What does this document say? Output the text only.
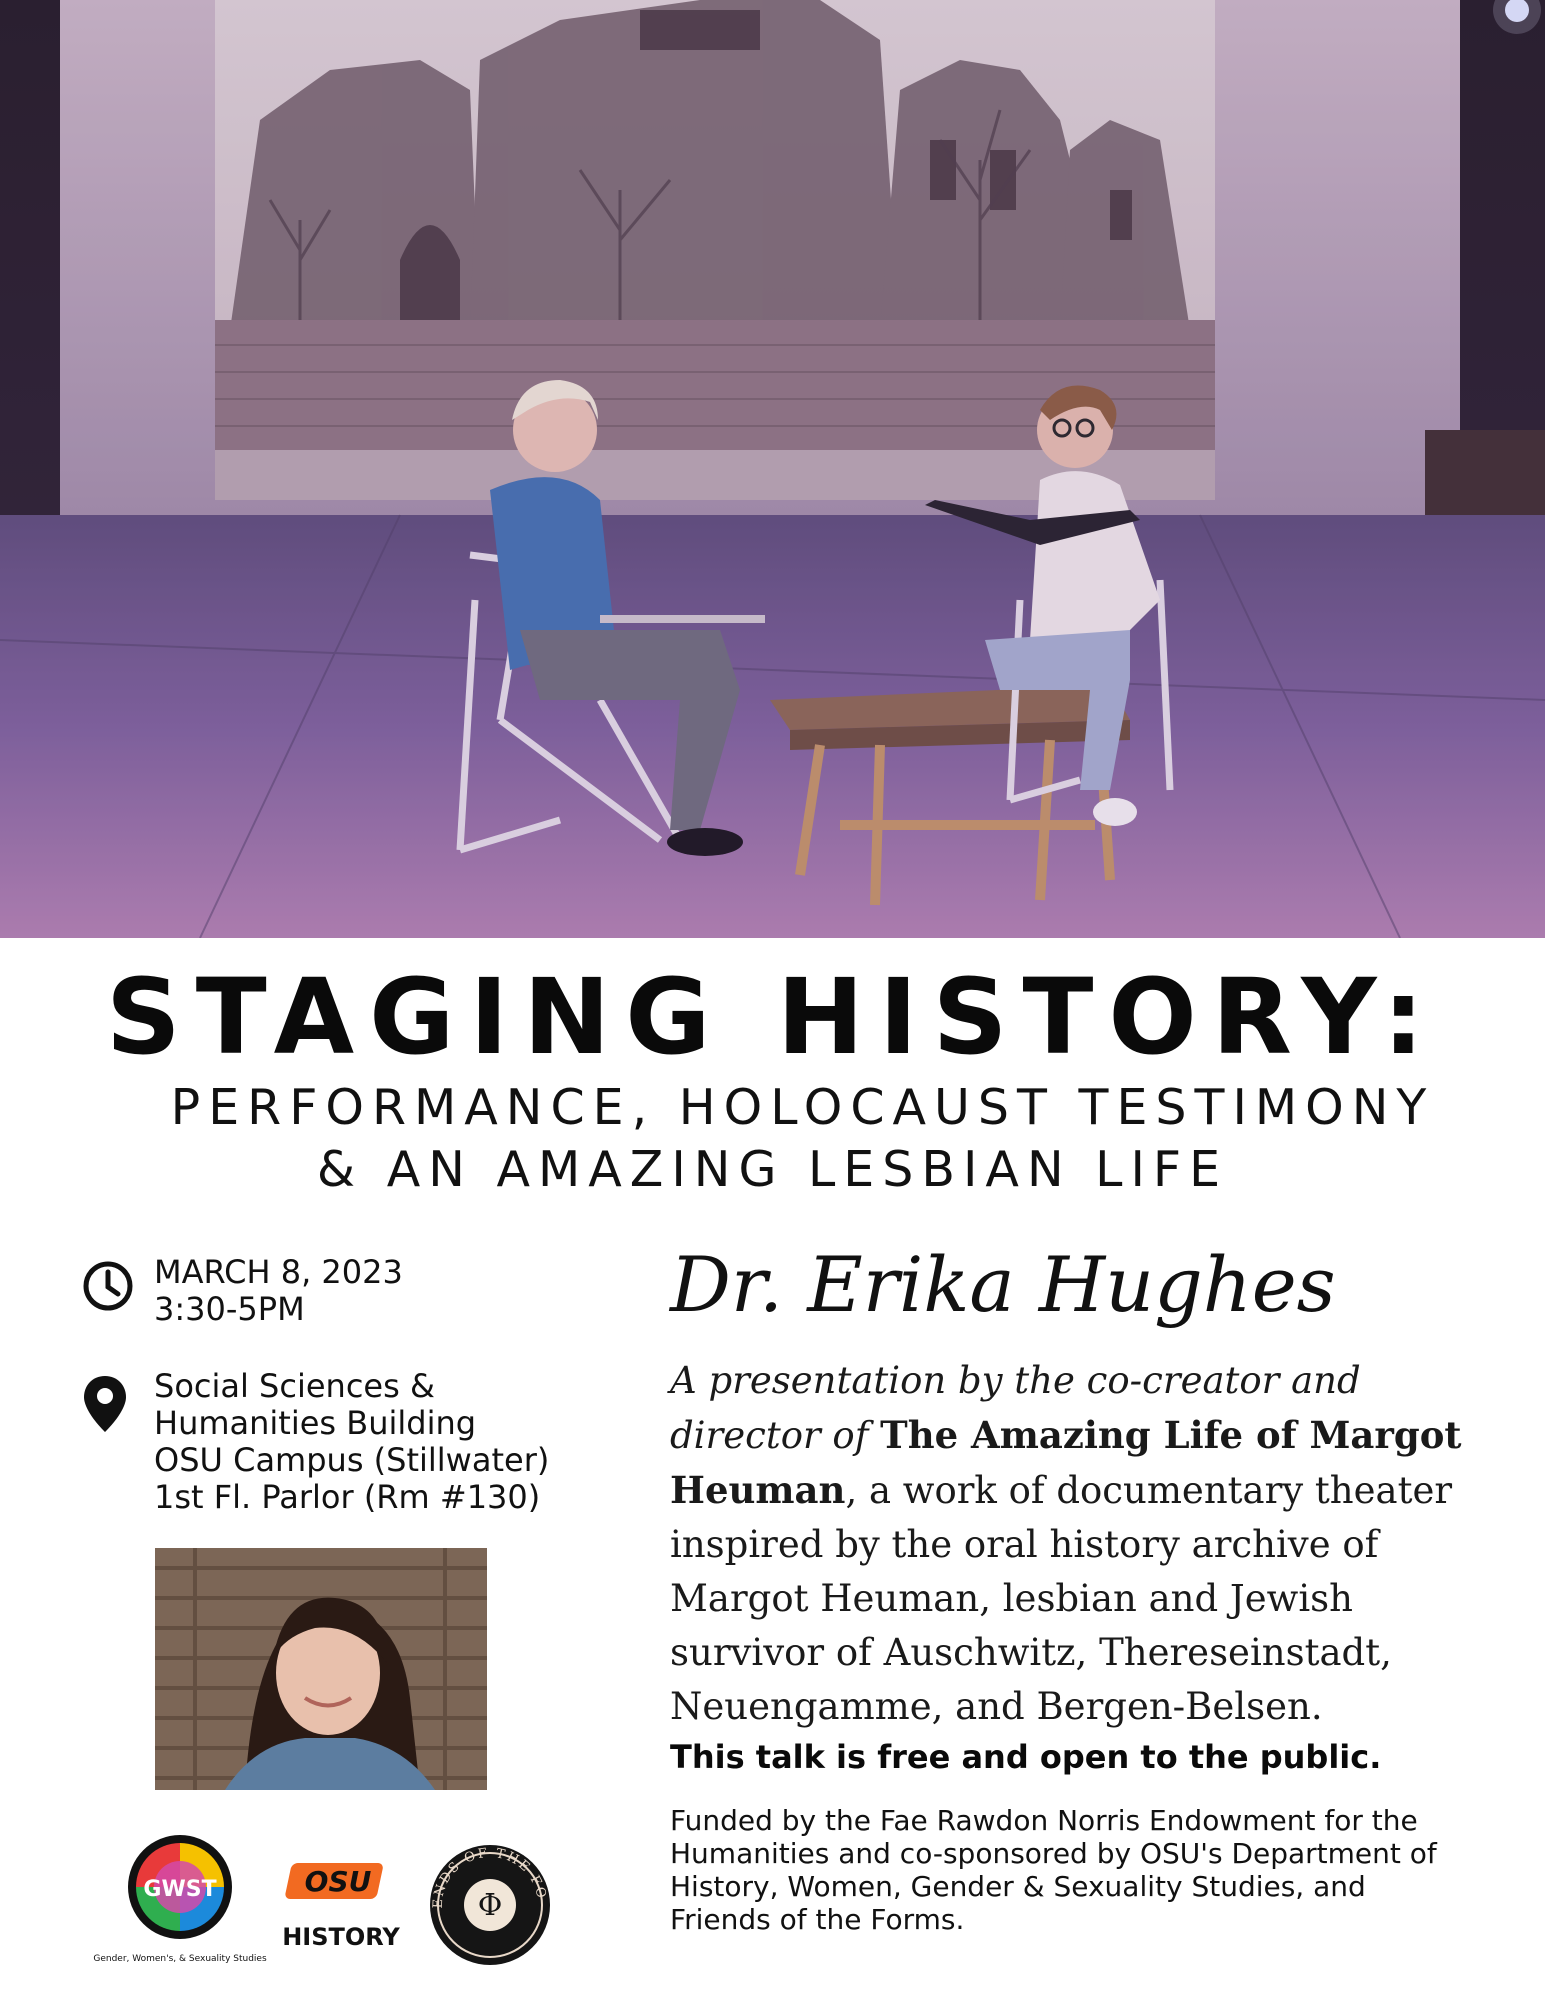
STAGING HISTORY:
PERFORMANCE, HOLOCAUST TESTIMONY
& AN AMAZING LESBIAN LIFE
MARCH 8, 2023
3:30-5PM
Social Sciences &
Humanities Building
OSU Campus (Stillwater)
1st Fl. Parlor (Rm #130)
GWST
Gender, Women's, & Sexuality Studies
OSU
HISTORY
ENDS OF THE FO
Φ
Dr. Erika Hughes
A presentation by the co-creator and director of The Amazing Life of Margot Heuman, a work of documentary theater inspired by the oral history archive of Margot Heuman, lesbian and Jewish survivor of Auschwitz, Thereseinstadt, Neuengamme, and Bergen-Belsen.
This talk is free and open to the public.
Funded by the Fae Rawdon Norris Endowment for the Humanities and co-sponsored by OSU's Department of History, Women, Gender & Sexuality Studies, and Friends of the Forms.
